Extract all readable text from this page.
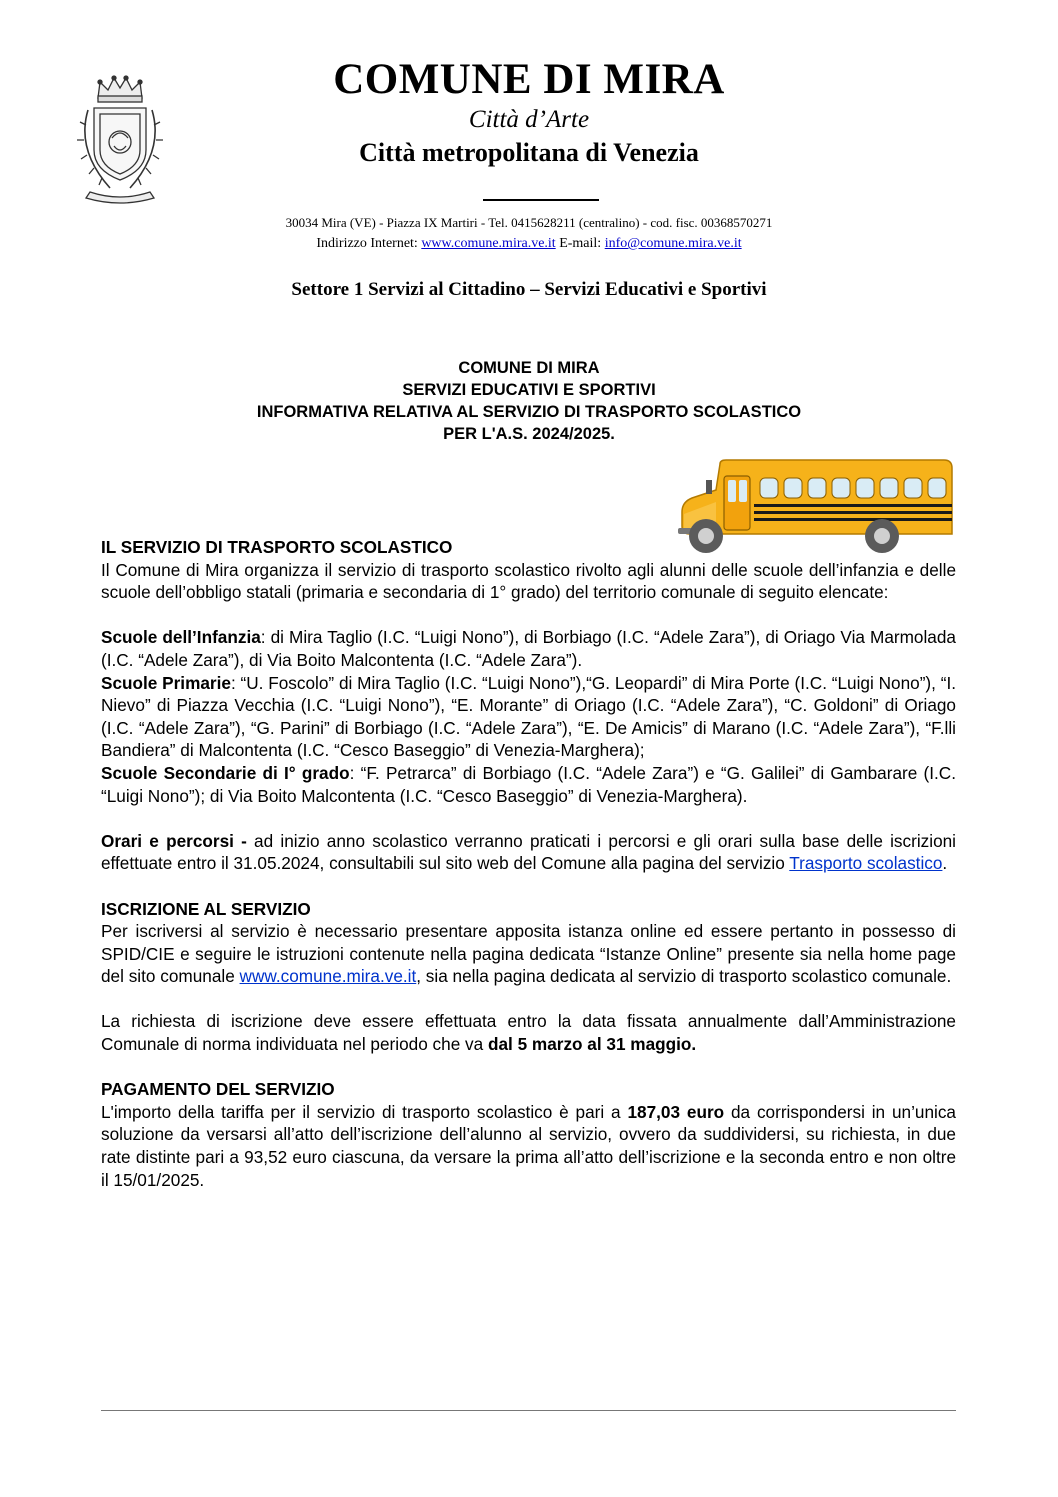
COMUNE DI MIRA
Città d’Arte
Città metropolitana di Venezia
30034 Mira (VE) - Piazza IX Martiri - Tel. 0415628211 (centralino) - cod. fisc. 00368570271
Indirizzo Internet: www.comune.mira.ve.it E-mail: info@comune.mira.ve.it
Settore 1 Servizi al Cittadino – Servizi Educativi e Sportivi
COMUNE DI MIRA
SERVIZI EDUCATIVI E SPORTIVI
INFORMATIVA RELATIVA AL SERVIZIO DI TRASPORTO SCOLASTICO
PER L'A.S. 2024/2025.

IL SERVIZIO DI TRASPORTO SCOLASTICO

Il Comune di Mira organizza il servizio di trasporto scolastico rivolto agli alunni delle scuole dell’infanzia e delle scuole dell’obbligo statali (primaria e secondaria di 1° grado) del territorio comunale di seguito elencate:

Scuole dell’Infanzia: di Mira Taglio (I.C. “Luigi Nono”), di Borbiago (I.C. “Adele Zara”), di Oriago Via Marmolada (I.C. “Adele Zara”), di Via Boito Malcontenta (I.C. “Adele Zara”).

Scuole Primarie: “U. Foscolo” di Mira Taglio (I.C. “Luigi Nono”),“G. Leopardi” di Mira Porte (I.C. “Luigi Nono”), “I. Nievo” di Piazza Vecchia (I.C. “Luigi Nono”), “E. Morante” di Oriago (I.C. “Adele Zara”), “C. Goldoni” di Oriago (I.C. “Adele Zara”), “G. Parini” di Borbiago (I.C. “Adele Zara”), “E. De Amicis” di Marano (I.C. “Adele Zara”), “F.lli Bandiera” di Malcontenta (I.C. “Cesco Baseggio” di Venezia-Marghera);

Scuole Secondarie di I° grado: “F. Petrarca” di Borbiago (I.C. “Adele Zara”) e “G. Galilei” di Gambarare (I.C. “Luigi Nono”); di Via Boito Malcontenta (I.C. “Cesco Baseggio” di Venezia-Marghera).

Orari e percorsi - ad inizio anno scolastico verranno praticati i percorsi e gli orari sulla base delle iscrizioni effettuate entro il 31.05.2024, consultabili sul sito web del Comune alla pagina del servizio Trasporto scolastico.

ISCRIZIONE AL SERVIZIO

Per iscriversi al servizio è necessario presentare apposita istanza online ed essere pertanto in possesso di SPID/CIE e seguire le istruzioni contenute nella pagina dedicata “Istanze Online” presente sia nella home page del sito comunale www.comune.mira.ve.it, sia nella pagina dedicata al servizio di trasporto scolastico comunale.

La richiesta di iscrizione deve essere effettuata entro la data fissata annualmente dall’Amministrazione Comunale di norma individuata nel periodo che va dal 5 marzo al 31 maggio.

PAGAMENTO DEL SERVIZIO

L'importo della tariffa per il servizio di trasporto scolastico è pari a 187,03 euro da corrispondersi in un’unica soluzione da versarsi all’atto dell’iscrizione dell’alunno al servizio, ovvero da suddividersi, su richiesta, in due rate distinte pari a 93,52 euro ciascuna, da versare la prima all’atto dell’iscrizione e la seconda entro e non oltre il 15/01/2025.
